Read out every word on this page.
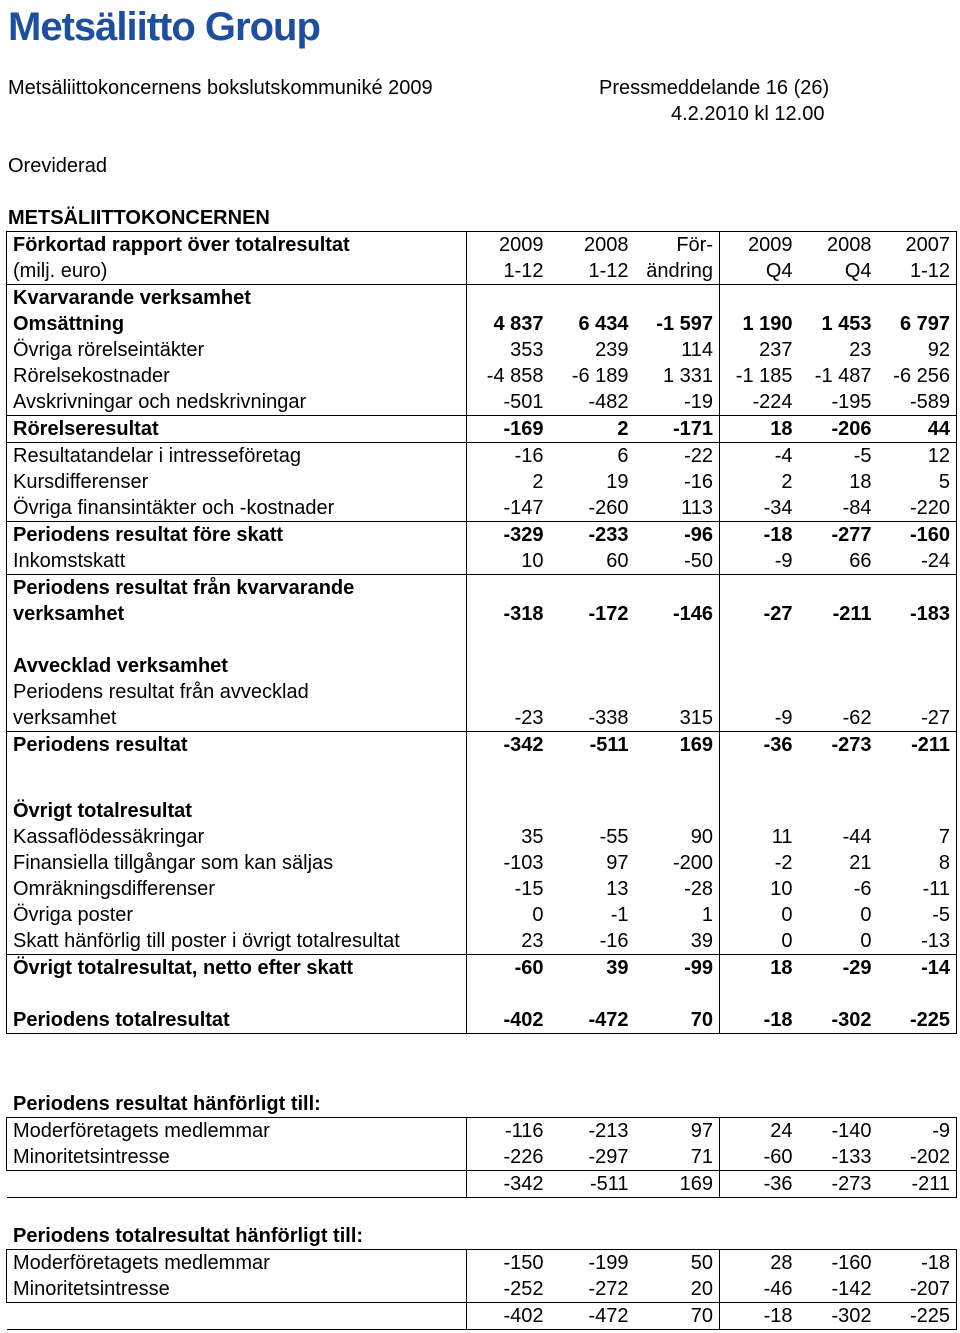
Metsäliitto Group
Metsäliittokoncernens bokslutskommuniké 2009	Pressmeddelande 16 (26)
4.2.2010 kl 12.00
Oreviderad
METSÄLIITTOKONCERNEN
Förkortad rapport över totalresultat	2009	2008	För-	2009	2008	2007
(milj. euro)	1-12	1-12	ändring	Q4	Q4	1-12
Kvarvarande verksamhet						
Omsättning	4 837	6 434	-1 597	1 190	1 453	6 797
Övriga rörelseintäkter	353	239	114	237	23	92
Rörelsekostnader	-4 858	-6 189	1 331	-1 185	-1 487	-6 256
Avskrivningar och nedskrivningar	-501	-482	-19	-224	-195	-589
Rörelseresultat	-169	2	-171	18	-206	44
Resultatandelar i intresseföretag	-16	6	-22	-4	-5	12
Kursdifferenser	2	19	-16	2	18	5
Övriga finansintäkter och -kostnader	-147	-260	113	-34	-84	-220
Periodens resultat före skatt	-329	-233	-96	-18	-277	-160
Inkomstskatt	10	60	-50	-9	66	-24

Periodens resultat från kvarvarande
verksamhet	-318	-172	-146	-27	-211	-183

Avvecklad verksamhet						

Periodens resultat från avvecklad
verksamhet	-23	-338	315	-9	-62	-27
Periodens resultat	-342	-511	169	-36	-273	-211

Övrigt totalresultat						
Kassaflödessäkringar	35	-55	90	11	-44	7
Finansiella tillgångar som kan säljas	-103	97	-200	-2	21	8
Omräkningsdifferenser	-15	13	-28	10	-6	-11
Övriga poster	0	-1	1	0	0	-5
Skatt hänförlig till poster i övrigt totalresultat	23	-16	39	0	0	-13
Övrigt totalresultat, netto efter skatt	-60	39	-99	18	-29	-14

Periodens totalresultat	-402	-472	70	-18	-302	-225
Periodens resultat hänförligt till:
Moderföretagets medlemmar	-116	-213	97	24	-140	-9
Minoritetsintresse	-226	-297	71	-60	-133	-202
	-342	-511	169	-36	-273	-211
Periodens totalresultat hänförligt till:
Moderföretagets medlemmar	-150	-199	50	28	-160	-18
Minoritetsintresse	-252	-272	20	-46	-142	-207
	-402	-472	70	-18	-302	-225
